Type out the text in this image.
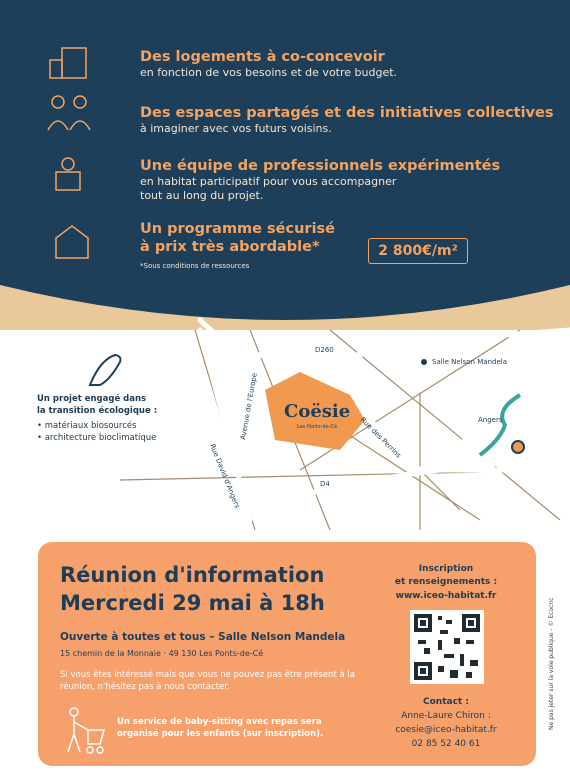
D260
Rue David d'Angers
Avenue de l'Europe	Rue des Perrins
D4
Salle Nelson Mandela
Angers
Coësie
Les Ponts-de-Cé
Des logements à co-concevoir
en fonction de vos besoins et de votre budget.
Des espaces partagés et des initiatives collectives
à imaginer avec vos futurs voisins.
Une équipe de professionnels expérimentés
en habitat participatif pour vous accompagner
tout au long du projet.
Un programme sécurisé
à prix très abordable*	2 800€/m²
*Sous conditions de ressources
Un projet engagé dans
la transition écologique :
• matériaux biosourcés
• architecture bioclimatique
Réunion d'information
Mercredi 29 mai à 18h
Ouverte à toutes et tous – Salle Nelson Mandela
15 chemin de la Monnaie · 49 130 Les Ponts-de-Cé
Si vous êtes intéressé mais que vous ne pouvez pas être présent à la réunion, n'hésitez pas à nous contacter.
Un service de baby-sitting avec repas sera organisé pour les enfants (sur inscription).
Inscription
et renseignements :
www.iceo-habitat.fr
Contact :
Anne-Laure Chiron :
coesie@iceo-habitat.fr
02 85 52 40 61
Ne pas jeter sur la voie publique - © Ecocnc
